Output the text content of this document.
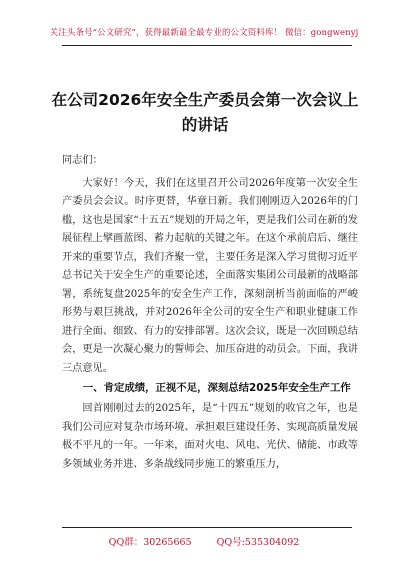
关注头条号“公文研究”，获得最新最全最专业的公文资料库！ 微信：gongwenyj
在公司2026年安全生产委员会第一次会议上的讲话

同志们：

大家好！今天，我们在这里召开公司2026年度第一次安全生产委员会会议。时序更替，华章日新。我们刚刚迈入2026年的门槛，这也是国家“十五五”规划的开局之年，更是我们公司在新的发展征程上擘画蓝图、蓄力起航的关键之年。在这个承前启后、继往开来的重要节点，我们齐聚一堂，主要任务是深入学习贯彻习近平总书记关于安全生产的重要论述，全面落实集团公司最新的战略部署，系统复盘2025年的安全生产工作，深刻剖析当前面临的严峻形势与艰巨挑战，并对2026年全公司的安全生产和职业健康工作进行全面、细致、有力的安排部署。这次会议，既是一次回顾总结会，更是一次凝心聚力的誓师会、加压奋进的动员会。下面，我讲三点意见。

一、肯定成绩，正视不足，深刻总结2025年安全生产工作

回首刚刚过去的2025年，是“十四五”规划的收官之年，也是我们公司应对复杂市场环境、承担艰巨建设任务、实现高质量发展极不平凡的一年。一年来，面对火电、风电、光伏、储能、市政等多领域业务并进、多条战线同步施工的繁重压力，

QQ群：30265665	QQ号:535304092
